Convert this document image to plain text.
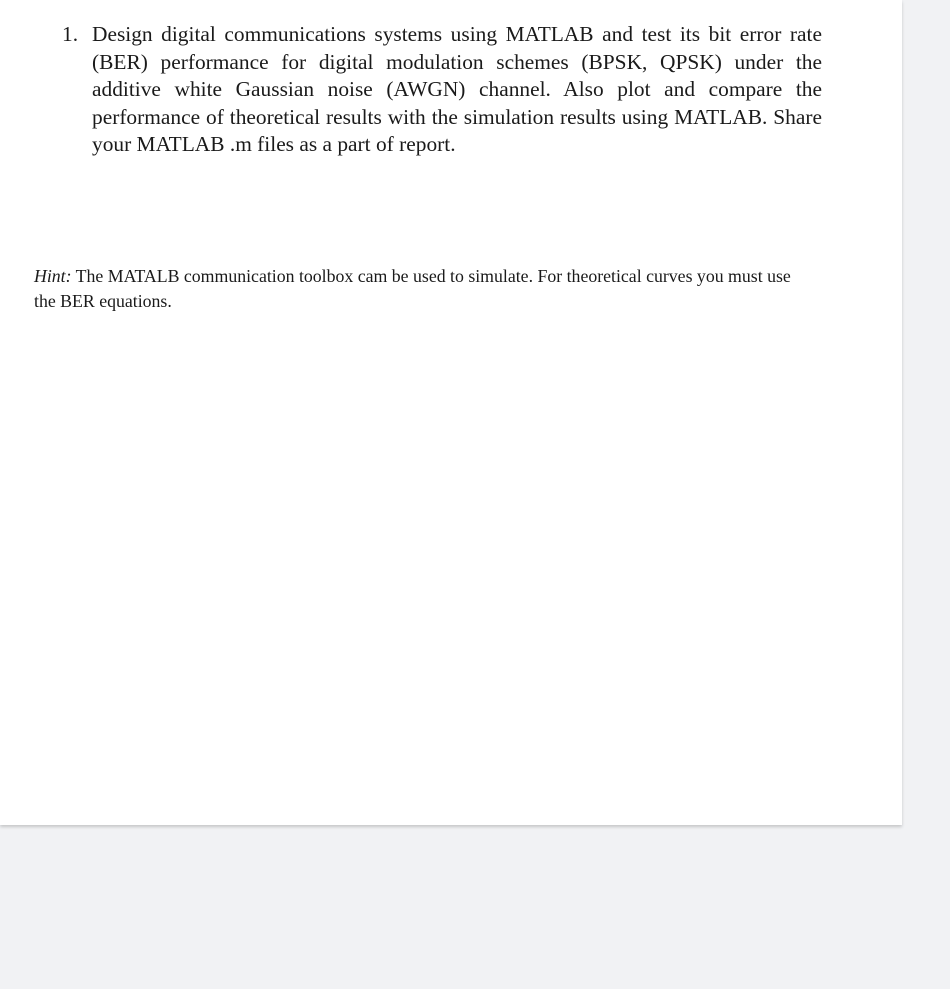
1. Design digital communications systems using MATLAB and test its bit error rate (BER) performance for digital modulation schemes (BPSK, QPSK) under the additive white Gaussian noise (AWGN) channel. Also plot and compare the performance of theoretical results with the simulation results using MATLAB. Share your MATLAB .m files as a part of report.
Hint: The MATALB communication toolbox cam be used to simulate. For theoretical curves you must use the BER equations.
